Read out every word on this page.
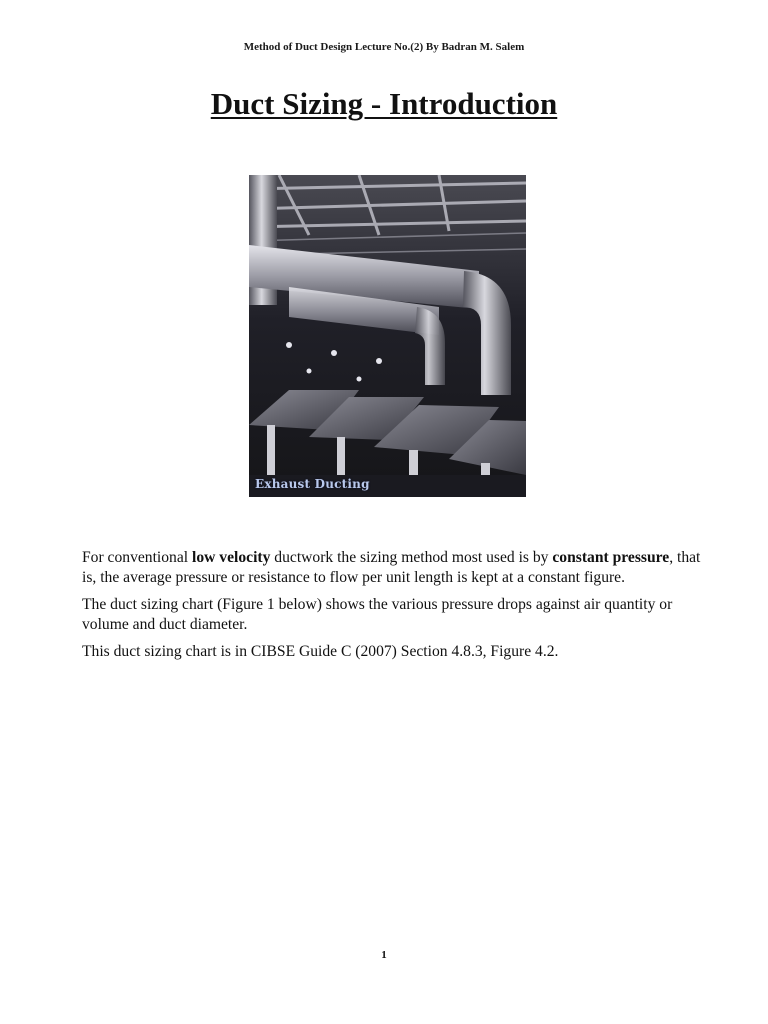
Method of Duct Design Lecture No.(2) By Badran M. Salem
Duct Sizing - Introduction
Exhaust Ducting

For conventional low velocity ductwork the sizing method most used is by constant pressure, that is, the average pressure or resistance to flow per unit length is kept at a constant figure.

The duct sizing chart (Figure 1 below) shows the various pressure drops against air quantity or volume and duct diameter.

This duct sizing chart is in CIBSE Guide C (2007) Section 4.8.3, Figure 4.2.

1
